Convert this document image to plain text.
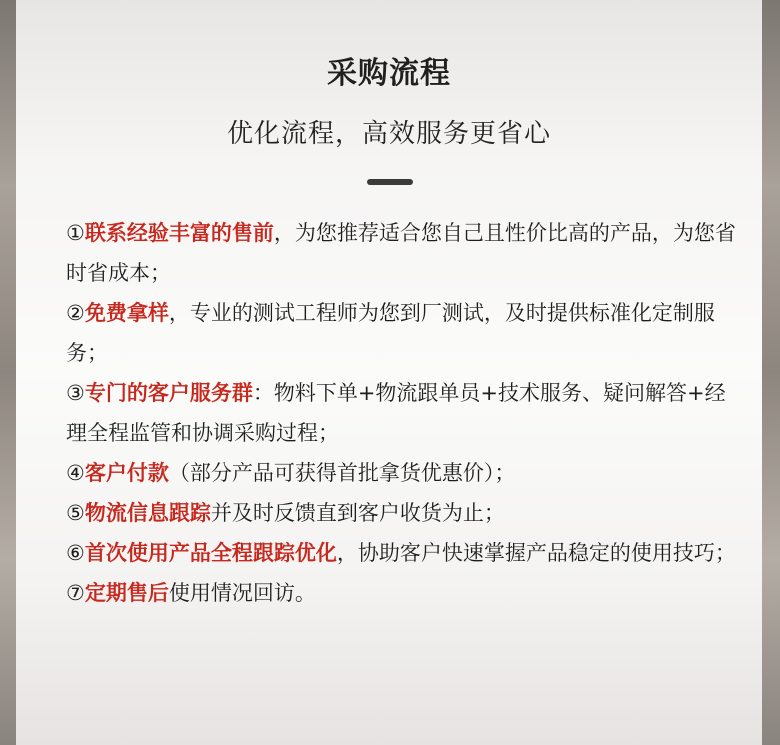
采购流程
优化流程，高效服务更省心
①联系经验丰富的售前，为您推荐适合您自己且性价比高的产品，为您省时省成本；
②免费拿样，专业的测试工程师为您到厂测试，及时提供标准化定制服务；
③专门的客户服务群：物料下单+物流跟单员+技术服务、疑问解答+经理全程监管和协调采购过程；
④客户付款（部分产品可获得首批拿货优惠价）；
⑤物流信息跟踪并及时反馈直到客户收货为止；
⑥首次使用产品全程跟踪优化，协助客户快速掌握产品稳定的使用技巧；
⑦定期售后使用情况回访。
